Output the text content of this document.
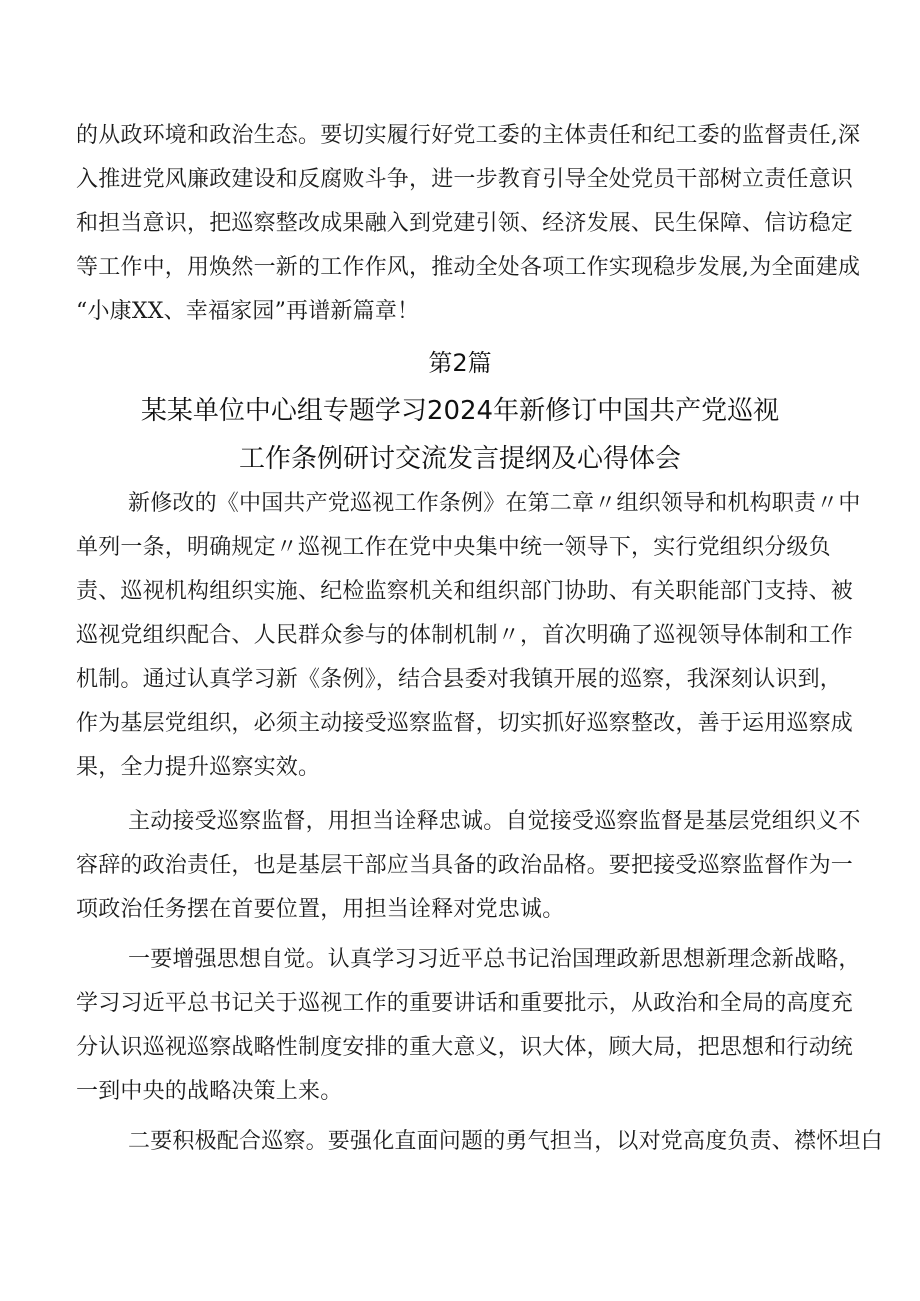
的从政环境和政治生态。要切实履行好党工委的主体责任和纪工委的监督责任,深
入推进党风廉政建设和反腐败斗争，进一步教育引导全处党员干部树立责任意识
和担当意识，把巡察整改成果融入到党建引领、经济发展、民生保障、信访稳定
等工作中，用焕然一新的工作作风，推动全处各项工作实现稳步发展,为全面建成
“小康XX、幸福家园”再谱新篇章！
第2篇
某某单位中心组专题学习2024年新修订中国共产党巡视
工作条例研讨交流发言提纲及心得体会
新修改的《中国共产党巡视工作条例》在第二章〃组织领导和机构职责〃中
单列一条，明确规定〃巡视工作在党中央集中统一领导下，实行党组织分级负
责、巡视机构组织实施、纪检监察机关和组织部门协助、有关职能部门支持、被
巡视党组织配合、人民群众参与的体制机制〃，首次明确了巡视领导体制和工作
机制。通过认真学习新《条例》，结合县委对我镇开展的巡察，我深刻认识到，
作为基层党组织，必须主动接受巡察监督，切实抓好巡察整改，善于运用巡察成
果，全力提升巡察实效。
主动接受巡察监督，用担当诠释忠诚。自觉接受巡察监督是基层党组织义不
容辞的政治责任，也是基层干部应当具备的政治品格。要把接受巡察监督作为一
项政治任务摆在首要位置，用担当诠释对党忠诚。
一要增强思想自觉。认真学习习近平总书记治国理政新思想新理念新战略，
学习习近平总书记关于巡视工作的重要讲话和重要批示，从政治和全局的高度充
分认识巡视巡察战略性制度安排的重大意义，识大体，顾大局，把思想和行动统
一到中央的战略决策上来。
二要积极配合巡察。要强化直面问题的勇气担当，以对党高度负责、襟怀坦白
